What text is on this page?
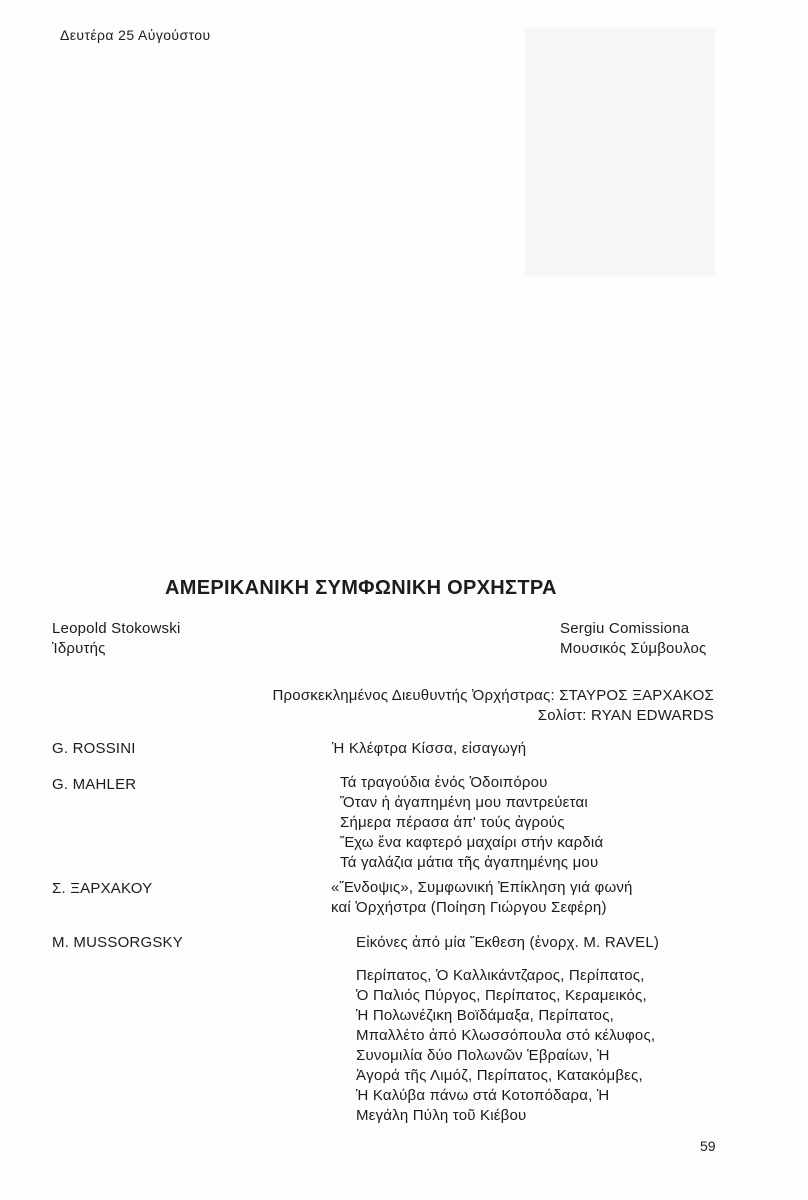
Δευτέρα 25 Αὐγούστου
ΑΜΕΡΙΚΑΝΙΚΗ ΣΥΜΦΩΝΙΚΗ ΟΡΧΗΣΤΡΑ
Leopold Stokowski
Ἱδρυτής
Sergiu Comissiona
Μουσικός Σύμβουλος
Προσκεκλημένος Διευθυντής Ὀρχήστρας: ΣΤΑΥΡΟΣ ΞΑΡΧΑΚΟΣ
Σολίστ: RYAN EDWARDS
G. ROSSINI	Ἡ Κλέφτρα Κίσσα, εἰσαγωγή
G. MAHLER	Τά τραγούδια ἑνός Ὁδοιπόρου
Ὅταν ἡ ἀγαπημένη μου παντρεύεται
Σήμερα πέρασα ἀπ' τούς ἀγρούς
Ἔχω ἕνα καφτερό μαχαίρι στήν καρδιά
Τά γαλάζια μάτια τῆς ἀγαπημένης μου
Σ. ΞΑΡΧΑΚΟΥ	«Ἔνδοψις», Συμφωνική Ἐπίκληση γιά φωνή
καί Ὀρχήστρα (Ποίηση Γιώργου Σεφέρη)
M. MUSSORGSKY	Εἰκόνες ἀπό μία Ἔκθεση (ἐνορχ. M. RAVEL)
Περίπατος, Ὁ Καλλικάντζαρος, Περίπατος,
Ὁ Παλιός Πύργος, Περίπατος, Κεραμεικός,
Ἡ Πολωνέζικη Βοϊδάμαξα, Περίπατος,
Μπαλλέτο ἀπό Κλωσσόπουλα στό κέλυφος,
Συνομιλία δύο Πολωνῶν Ἑβραίων, Ἡ
Ἀγορά τῆς Λιμόζ, Περίπατος, Κατακόμβες,
Ἡ Καλύβα πάνω στά Κοτοπόδαρα, Ἡ
Μεγάλη Πύλη τοῦ Κιέβου
59
